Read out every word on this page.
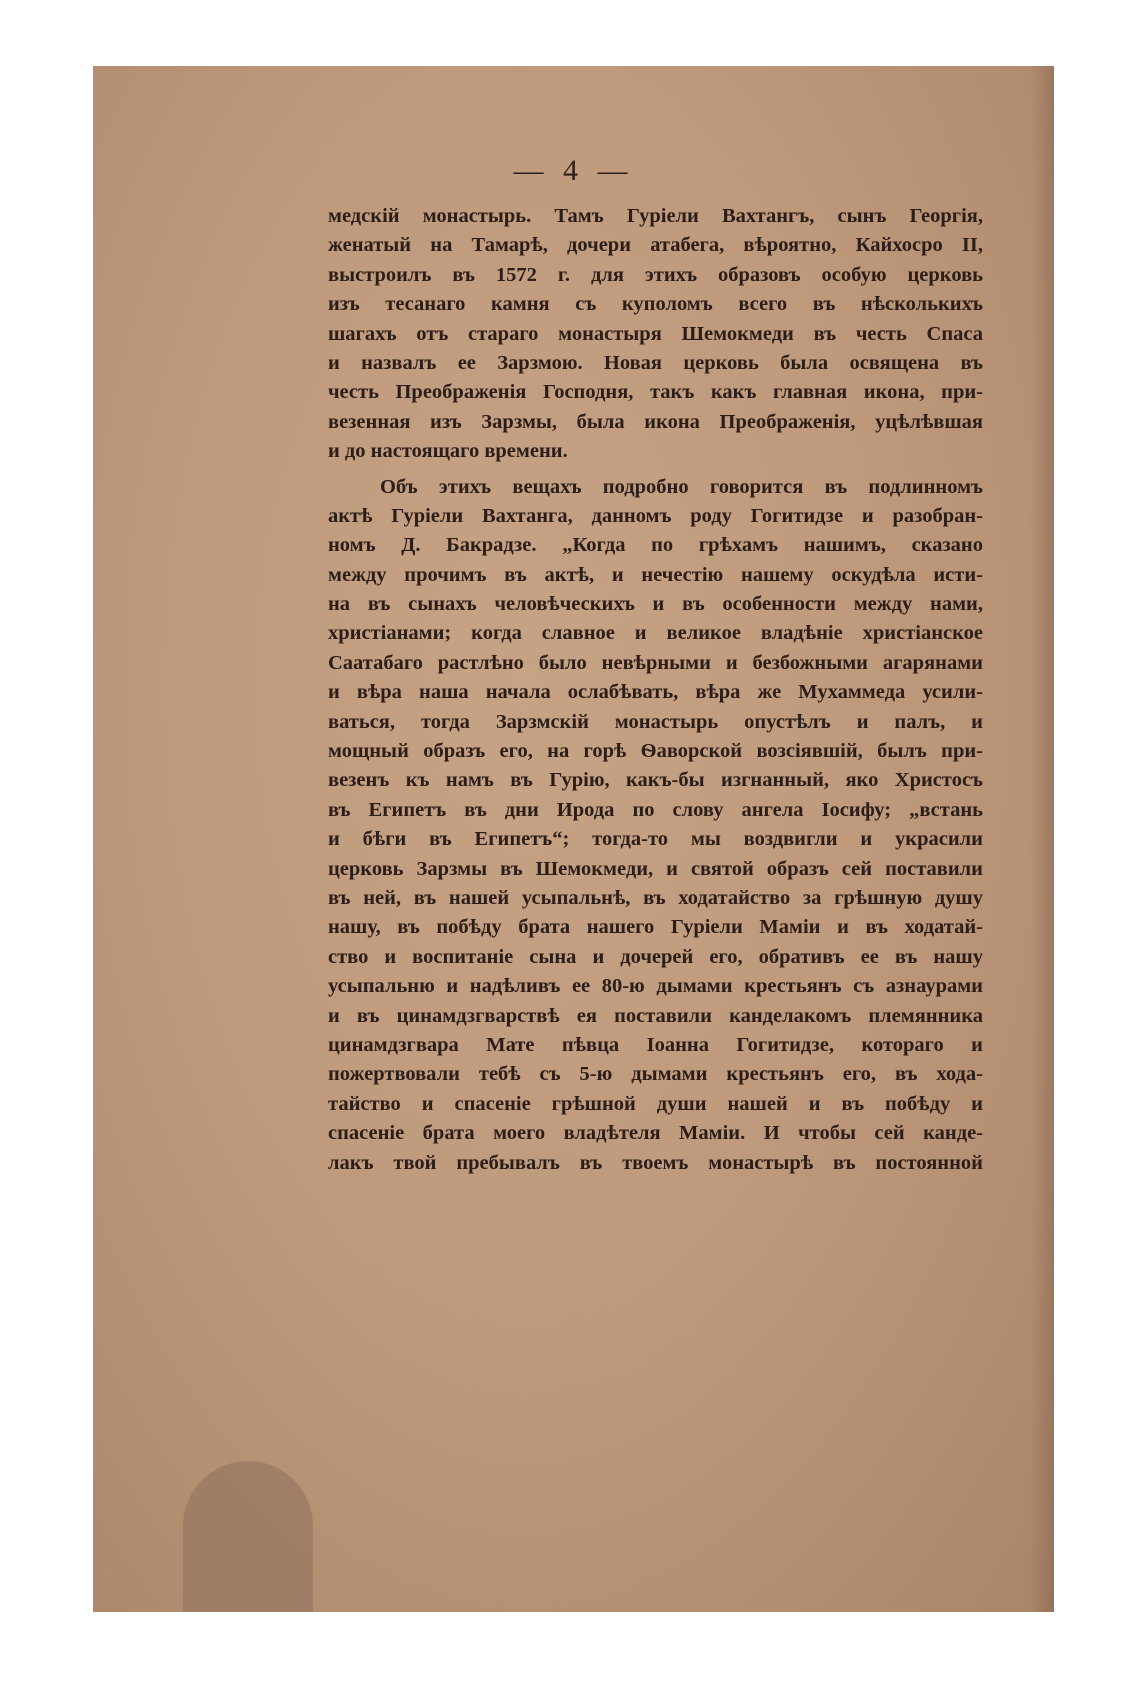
— 4 —
медскій монастырь. Тамъ Гуріели Вахтангъ, сынъ Георгія,
женатый на Тамарѣ, дочери атабега, вѣроятно, Кайхосро II,
выстроилъ въ 1572 г. для этихъ образовъ особую церковь
изъ тесанаго камня съ куполомъ всего въ нѣсколькихъ
шагахъ отъ стараго монастыря Шемокмеди въ честь Спаса
и назвалъ ее Зарзмою. Новая церковь была освящена въ
честь Преображенія Господня, такъ какъ главная икона, при-
везенная изъ Зарзмы, была икона Преображенія, уцѣлѣвшая
и до настоящаго времени.
Объ этихъ вещахъ подробно говорится въ подлинномъ
актѣ Гуріели Вахтанга, данномъ роду Гогитидзе и разобран-
номъ Д. Бакрадзе. „Когда по грѣхамъ нашимъ, сказано
между прочимъ въ актѣ, и нечестію нашему оскудѣла исти-
на въ сынахъ человѣческихъ и въ особенности между нами,
христіанами; когда славное и великое владѣніе христіанское
Саатабаго растлѣно было невѣрными и безбожными агарянами
и вѣра наша начала ослабѣвать, вѣра же Мухаммеда усили-
ваться, тогда Зарзмскій монастырь опустѣлъ и палъ, и
мощный образъ его, на горѣ Ѳаворской возсіявшій, былъ при-
везенъ къ намъ въ Гурію, какъ-бы изгнанный, яко Христосъ
въ Египетъ въ дни Ирода по слову ангела Іосифу; „встань
и бѣги въ Египетъ“; тогда-то мы воздвигли и украсили
церковь Зарзмы въ Шемокмеди, и святой образъ сей поставили
въ ней, въ нашей усыпальнѣ, въ ходатайство за грѣшную душу
нашу, въ побѣду брата нашего Гуріели Маміи и въ ходатай-
ство и воспитаніе сына и дочерей его, обративъ ее въ нашу
усыпальню и надѣливъ ее 80-ю дымами крестьянъ съ азнаурами
и въ цинамдзгварствѣ ея поставили канделакомъ племянника
цинамдзгвара Мате пѣвца Іоанна Гогитидзе, котораго и
пожертвовали тебѣ съ 5-ю дымами крестьянъ его, въ хода-
тайство и спасеніе грѣшной души нашей и въ побѣду и
спасеніе брата моего владѣтеля Маміи. И чтобы сей канде-
лакъ твой пребывалъ въ твоемъ монастырѣ въ постоянной
